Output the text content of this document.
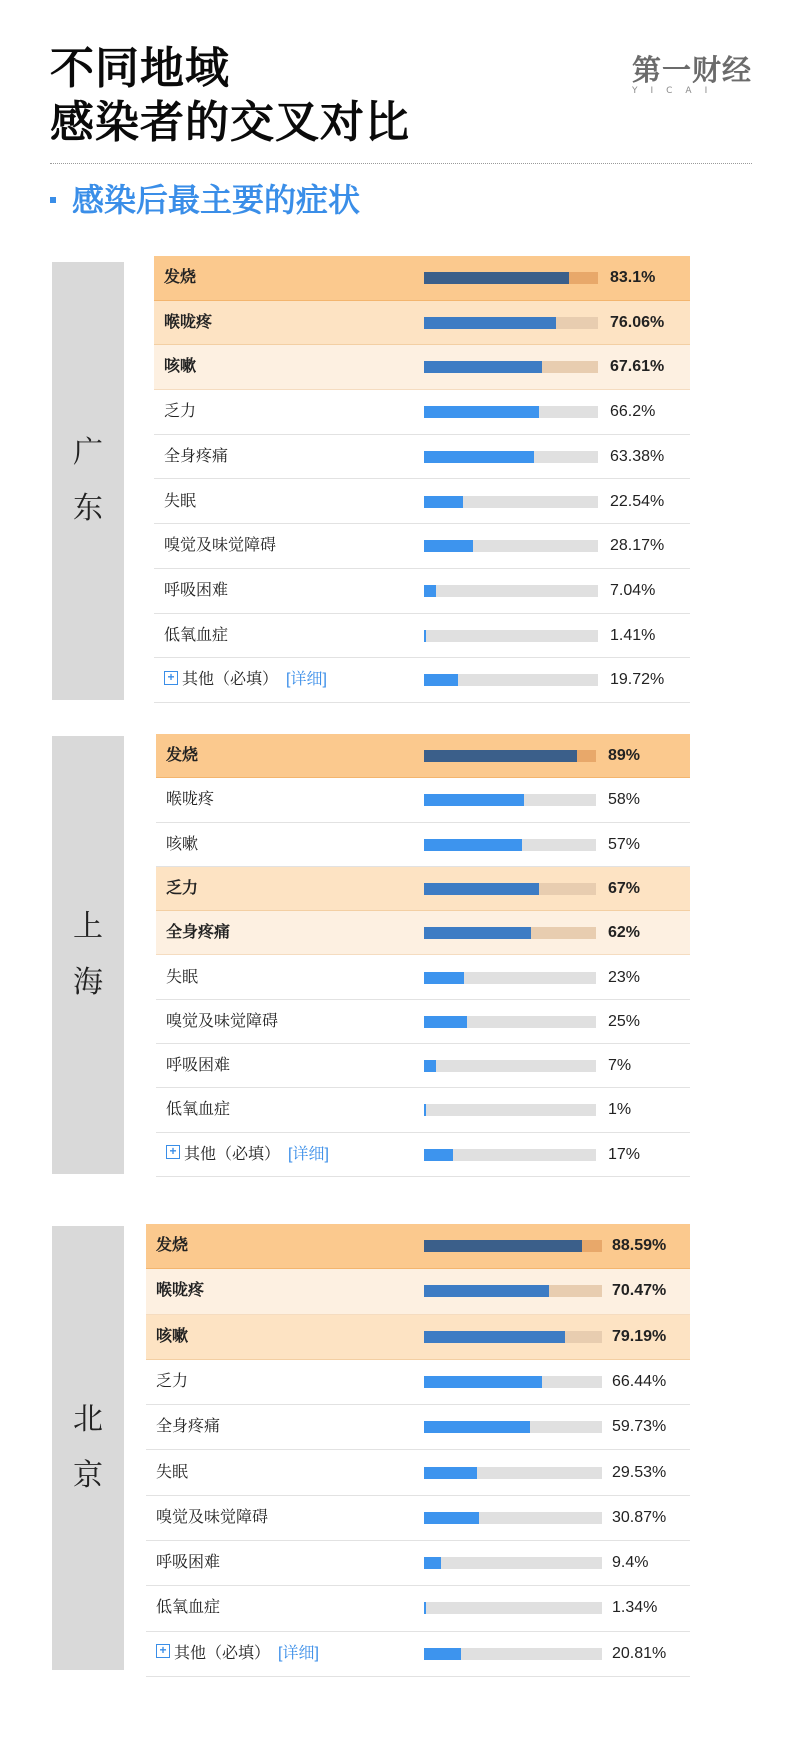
不同地域
感染者的交叉对比
第一财经
YICAI
感染后最主要的症状
广
东
发烧	83.1%
喉咙疼	76.06%
咳嗽	67.61%
乏力	66.2%
全身疼痛	63.38%
失眠	22.54%
嗅觉及味觉障碍	28.17%
呼吸困难	7.04%
低氧血症	1.41%
+ 其他（必填） [详细]	19.72%
上
海
发烧	89%
喉咙疼	58%
咳嗽	57%
乏力	67%
全身疼痛	62%
失眠	23%
嗅觉及味觉障碍	25%
呼吸困难	7%
低氧血症	1%
+ 其他（必填） [详细]	17%
北
京
发烧	88.59%
喉咙疼	70.47%
咳嗽	79.19%
乏力	66.44%
全身疼痛	59.73%
失眠	29.53%
嗅觉及味觉障碍	30.87%
呼吸困难	9.4%
低氧血症	1.34%
+ 其他（必填） [详细]	20.81%
